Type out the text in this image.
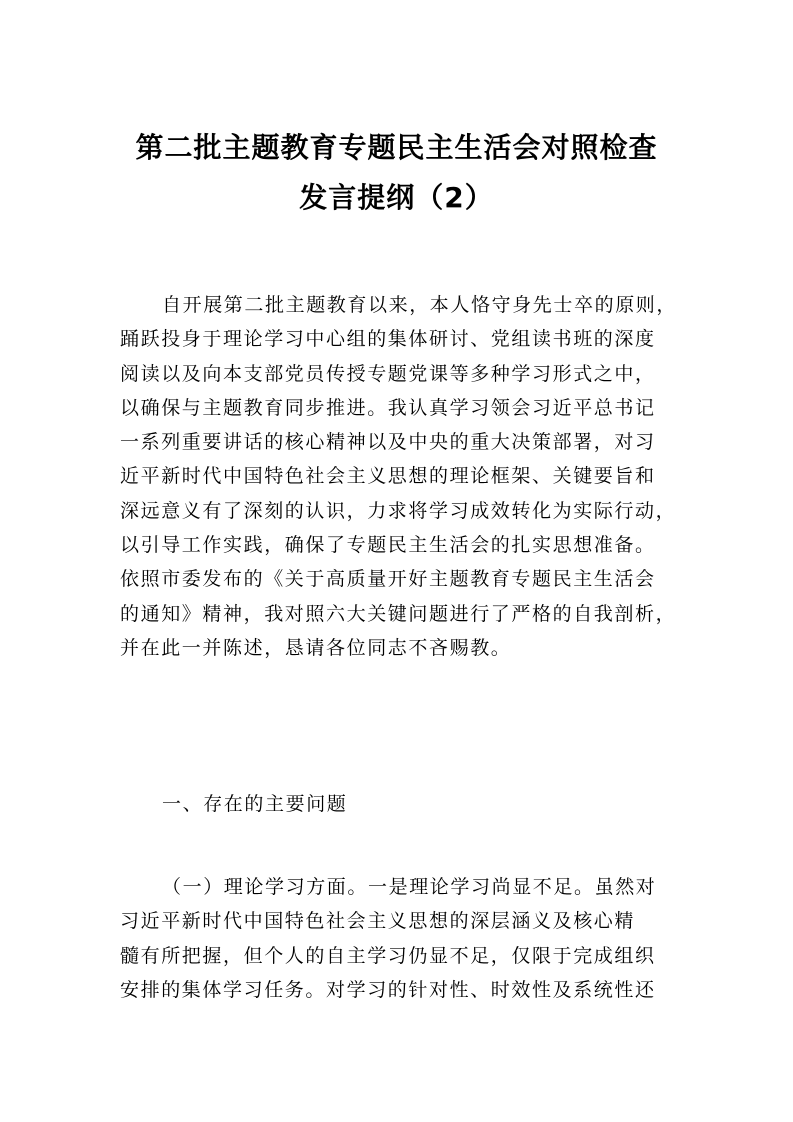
第二批主题教育专题民主生活会对照检查
发言提纲（2）

自开展第二批主题教育以来，本人恪守身先士卒的原则，
踊跃投身于理论学习中心组的集体研讨、党组读书班的深度
阅读以及向本支部党员传授专题党课等多种学习形式之中，
以确保与主题教育同步推进。我认真学习领会习近平总书记
一系列重要讲话的核心精神以及中央的重大决策部署，对习
近平新时代中国特色社会主义思想的理论框架、关键要旨和
深远意义有了深刻的认识，力求将学习成效转化为实际行动，
以引导工作实践，确保了专题民主生活会的扎实思想准备。
依照市委发布的《关于高质量开好主题教育专题民主生活会
的通知》精神，我对照六大关键问题进行了严格的自我剖析，
并在此一并陈述，恳请各位同志不吝赐教。

一、存在的主要问题

（一）理论学习方面。一是理论学习尚显不足。虽然对
习近平新时代中国特色社会主义思想的深层涵义及核心精
髓有所把握，但个人的自主学习仍显不足，仅限于完成组织
安排的集体学习任务。对学习的针对性、时效性及系统性还
